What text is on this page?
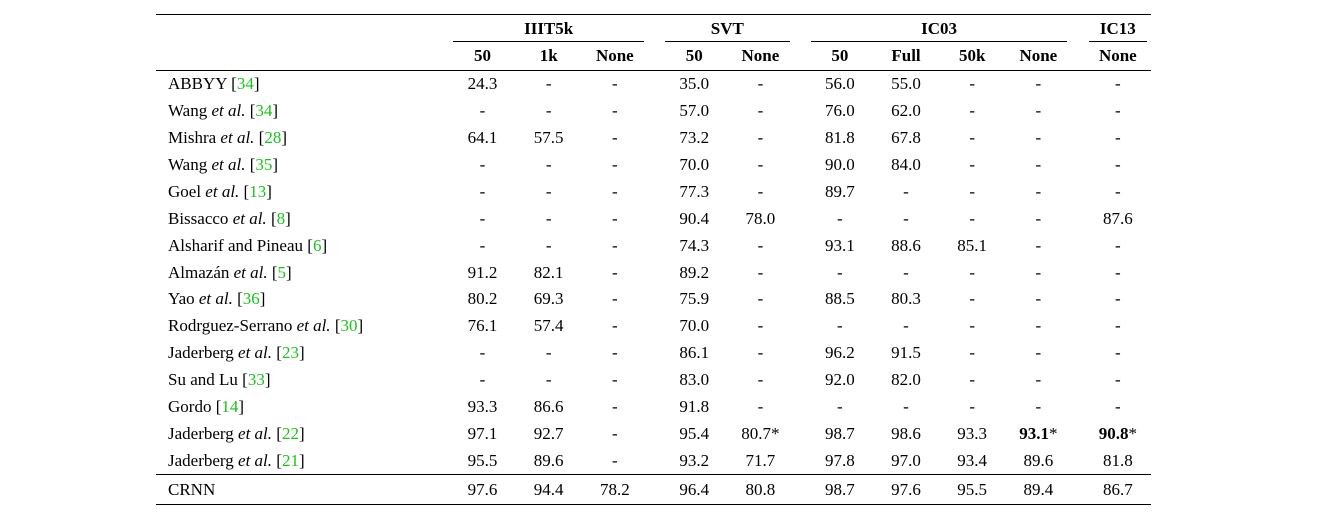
	IIIT5k				SVT			IC03					IC13

	50	1k	None		50	None		50	Full	50k	None		None
ABBYY [34]	24.3	-	-		35.0	-		56.0	55.0	-	-		-
Wang et al. [34]	-	-	-		57.0	-		76.0	62.0	-	-		-
Mishra et al. [28]	64.1	57.5	-		73.2	-		81.8	67.8	-	-		-
Wang et al. [35]	-	-	-		70.0	-		90.0	84.0	-	-		-
Goel et al. [13]	-	-	-		77.3	-		89.7	-	-	-		-
Bissacco et al. [8]	-	-	-		90.4	78.0		-	-	-	-		87.6
Alsharif and Pineau [6]	-	-	-		74.3	-		93.1	88.6	85.1	-		-
Almazán et al. [5]	91.2	82.1	-		89.2	-		-	-	-	-		-
Yao et al. [36]	80.2	69.3	-		75.9	-		88.5	80.3	-	-		-
Rodrguez-Serrano et al. [30]	76.1	57.4	-		70.0	-		-	-	-	-		-
Jaderberg et al. [23]	-	-	-		86.1	-		96.2	91.5	-	-		-
Su and Lu [33]	-	-	-		83.0	-		92.0	82.0	-	-		-
Gordo [14]	93.3	86.6	-		91.8	-		-	-	-	-		-
Jaderberg et al. [22]	97.1	92.7	-		95.4	80.7*		98.7	98.6	93.3	93.1*		90.8*
Jaderberg et al. [21]	95.5	89.6	-		93.2	71.7		97.8	97.0	93.4	89.6		81.8
CRNN	97.6	94.4	78.2		96.4	80.8		98.7	97.6	95.5	89.4		86.7
